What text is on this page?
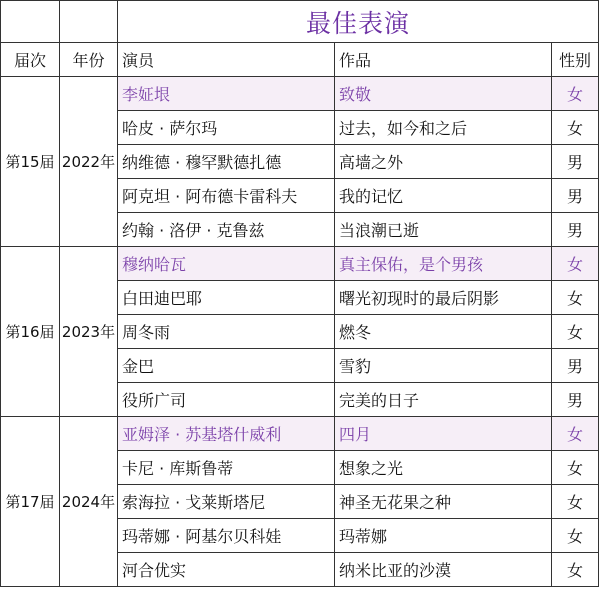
		最佳表演		
届次	年份	演员	作品	性别
第15届	2022年	李姃垠	致敬	女
		哈皮 · 萨尔玛	过去，如今和之后	女
		纳维德 · 穆罕默德扎德	高墙之外	男
		阿克坦 · 阿布德卡雷科夫	我的记忆	男
		约翰 · 洛伊 · 克鲁兹	当浪潮已逝	男
第16届	2023年	穆纳哈瓦	真主保佑，是个男孩	女
		白田迪巴耶	曙光初现时的最后阴影	女
		周冬雨	燃冬	女
		金巴	雪豹	男
		役所广司	完美的日子	男
第17届	2024年	亚姆泽 · 苏基塔什威利	四月	女
		卡尼 · 库斯鲁蒂	想象之光	女
		索海拉 · 戈莱斯塔尼	神圣无花果之种	女
		玛蒂娜 · 阿基尔贝科娃	玛蒂娜	女
		河合优实	纳米比亚的沙漠	女
